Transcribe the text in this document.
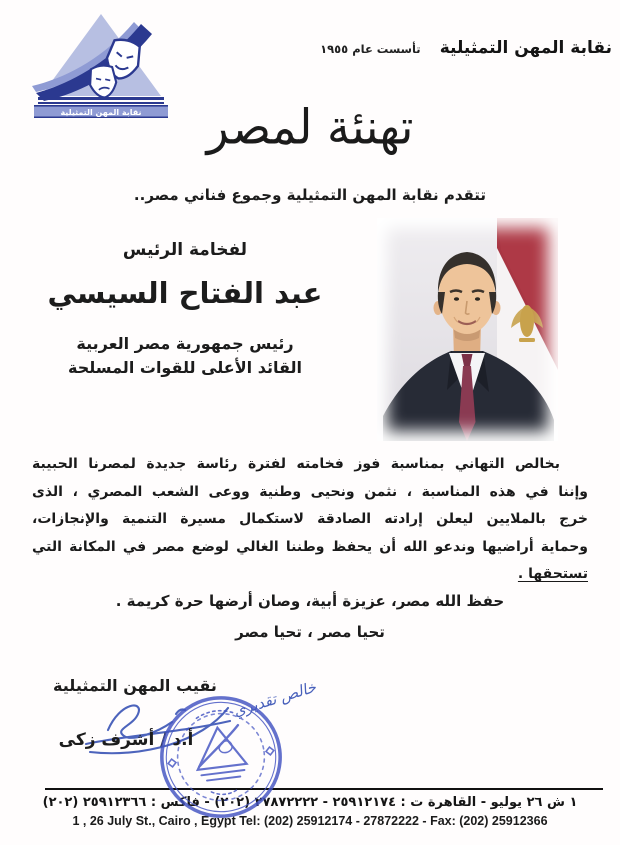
نقابة المهن التمثيلية
نقابة المهن التمثيلية تأسست عام ١٩٥٥
تهنئة لمصر
تتقدم نقابة المهن التمثيلية وجموع فناني مصر..
لفخامة الرئيس
عبد الفتاح السيسي
رئيس جمهورية مصر العربية
القائد الأعلى للقوات المسلحة
بخالص التهاني بمناسبة فوز فخامته لفترة رئاسة جديدة لمصرنا الحبيبة
وإننا في هذه المناسبة ، نثمن ونحيى وطنية ووعى الشعب المصري ، الذى
خرج بالملايين ليعلن إرادته الصادقة لاستكمال مسيرة التنمية والإنجازات،
وحماية أراضيها وندعو الله أن يحفظ وطننا الغالي لوضع مصر في المكانة التي
تستحقها .
حفظ الله مصر، عزيزة أبية، وصان أرضها حرة كريمة .
تحيا مصر ، تحيا مصر
نقيب المهن التمثيلية خالص تقديري
أ.د / أشرف زكى
١ ش ٢٦ يوليو - القاهرة ت : ٢٥٩١٢١٧٤ - ٢٧٨٧٢٢٢٢ (٢٠٢) - فاكس : ٢٥٩١٢٣٦٦ (٢٠٢)
1 , 26 July St., Cairo , Egypt Tel: (202) 25912174 - 27872222 - Fax: (202) 25912366
